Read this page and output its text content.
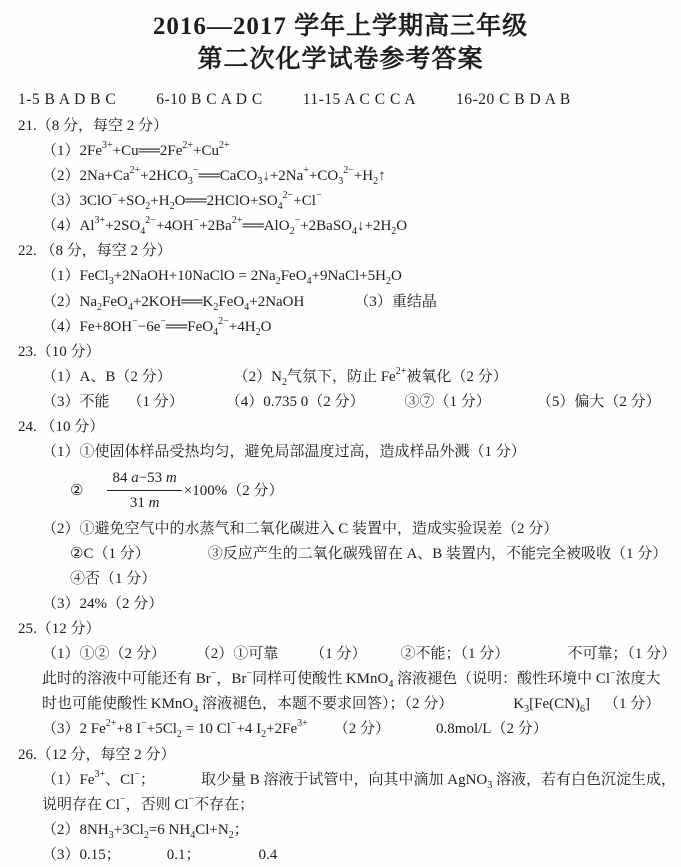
2016—2017 学年上学期高三年级
第二次化学试卷参考答案
1-5 B A D B C	6-10 B C A D C	11-15 A C C C A	16-20 C B D A B
21.（8 分，每空 2 分）
$(1)2Fe^{3+}+Cu══2Fe^{2+}+Cu^{2+}$
$(2)2Na+Ca^{2+}+2HCO_3^-══CaCO_3↓+2Na^++CO_3^{2-}+H_2↑$
$(3)3ClO^-+SO_2+H_2O══2HClO+SO_4^{2-}+Cl^-$
$(4)Al^{3+}+2SO_4^{2-}+4OH^-+2Ba^{2+}══AlO_2^-+2BaSO_4↓+2H_2O$
22. （8 分，每空 2 分）
（1）FeCl$_3$+2NaOH+10NaClO = $2Na_2FeO_4+9NaCl+5H_2O$
$(2)Na_2FeO_4+2KOH══K_2FeO_4+2NaOH$	（3）重结晶
$(4)Fe+8OH^--6e^-══FeO_4^{2-}+4H_2O$
23.（10 分）
（1）A、B（2 分）	$(2)N_2$气氛下，防止 $Fe^{2+}$被氧化（2 分）
（3）不能 （1 分）	（4）0.735 0（2 分）	③⑦（1 分）	（5）偏大（2 分）
24. （10 分）
（1）①使固体样品受热均匀，避免局部温度过高，造成样品外溅（1 分）
② $\frac{84 a-53 m}{31 m} \times 100\%(2$ 分）
（2）①避免空气中的水蒸气和二氧化碳进入 C 装置中，造成实验误差（2 分）
②C（1 分）	③反应产生的二氧化碳残留在 A、B 装置内，不能完全被吸收（1 分）
④否（1 分）
（3）24%（2 分）
25.（12 分）
（1）①②（2 分） （2）①可靠 （1 分） ②不能；（1 分）	不可靠；（1 分）
此时的溶液中可能还有 Br−，Br−同样可使酸性 KMnO$_4$ 溶液褪色（说明：酸性环境中 Cl−浓度大
时也可能使酸性 KMnO$_4$ 溶液褪色，本题不要求回答）；（2 分）	$K_3[Fe(CN)_6]$ （1 分）
（3）2 $Fe^{2+}+8$ $I^-+5Cl_2 = 10$ Cl−+4 $I_2+2Fe^{3+}$ （2 分）	0.8mol/L（2 分）
26.（12 分，每空 2 分）
$(1)Fe^{3+}$、Cl−；	取少量 B 溶液于试管中，向其中滴加 AgNO$_3$ 溶液，若有白色沉淀生成，
说明存在 Cl−，否则 Cl−不存在；
$(2)8NH_3+3Cl_2=6$ $NH_4Cl+N_2$；
（3）0.15；	0.1；	0.4
